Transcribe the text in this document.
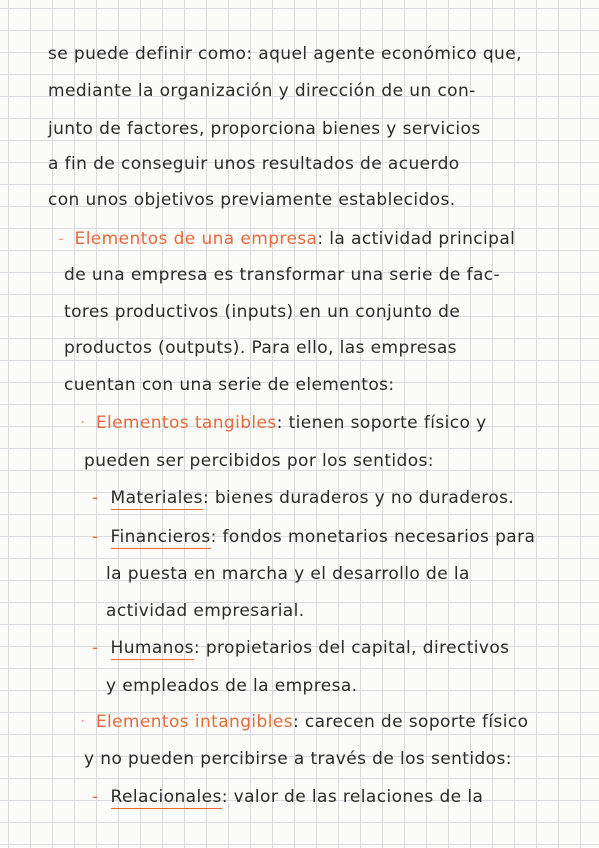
se puede definir como: aquel agente económico que,
mediante la organización y dirección de un con-
junto de factores, proporciona bienes y servicios
a fin de conseguir unos resultados de acuerdo
con unos objetivos previamente establecidos.
- Elementos de una empresa: la actividad principal
de una empresa es transformar una serie de fac-
tores productivos (inputs) en un conjunto de
productos (outputs). Para ello, las empresas
cuentan con una serie de elementos:
· Elementos tangibles: tienen soporte físico y
pueden ser percibidos por los sentidos:
- Materiales: bienes duraderos y no duraderos.
- Financieros: fondos monetarios necesarios para
la puesta en marcha y el desarrollo de la
actividad empresarial.
- Humanos: propietarios del capital, directivos
y empleados de la empresa.
· Elementos intangibles: carecen de soporte físico
y no pueden percibirse a través de los sentidos:
- Relacionales: valor de las relaciones de la
